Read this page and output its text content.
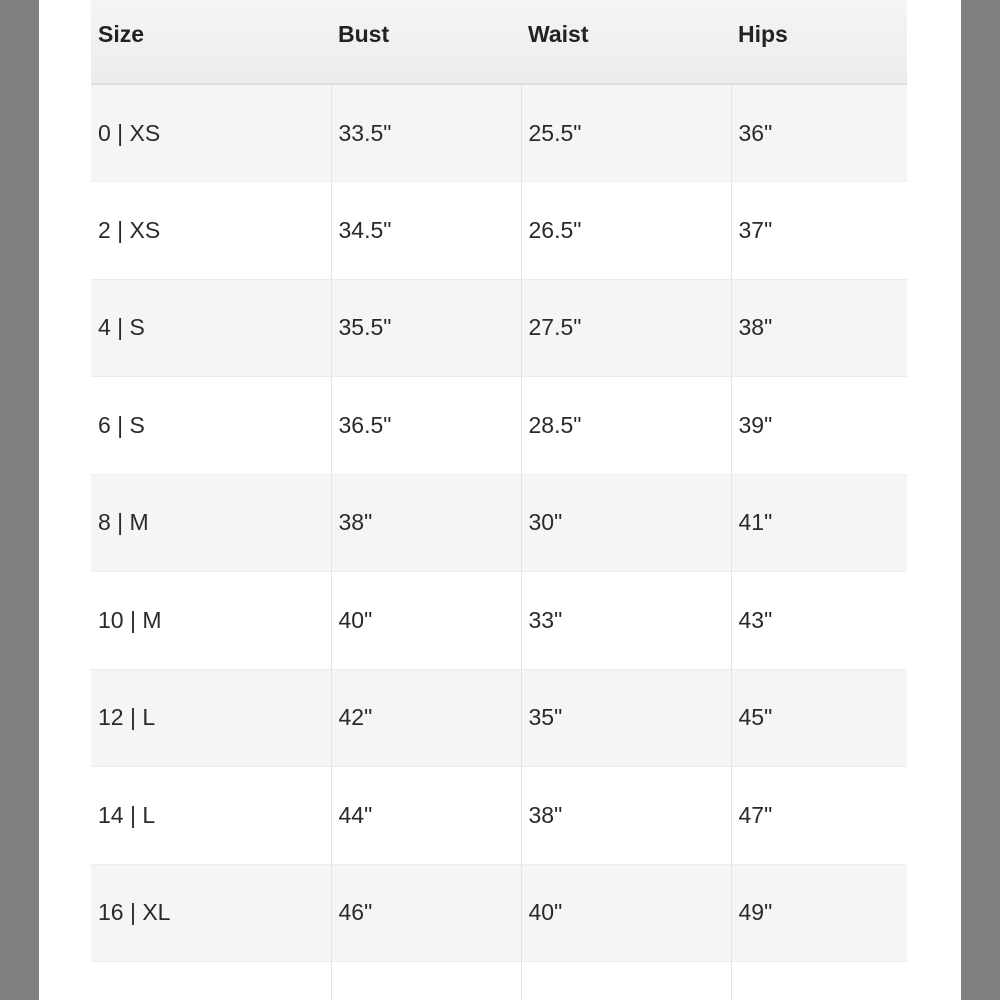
Size	Bust	Waist	Hips
0 | XS	33.5"	25.5"	36"
2 | XS	34.5"	26.5"	37"
4 | S	35.5"	27.5"	38"
6 | S	36.5"	28.5"	39"
8 | M	38"	30"	41"
10 | M	40"	33"	43"
12 | L	42"	35"	45"
14 | L	44"	38"	47"
16 | XL	46"	40"	49"
